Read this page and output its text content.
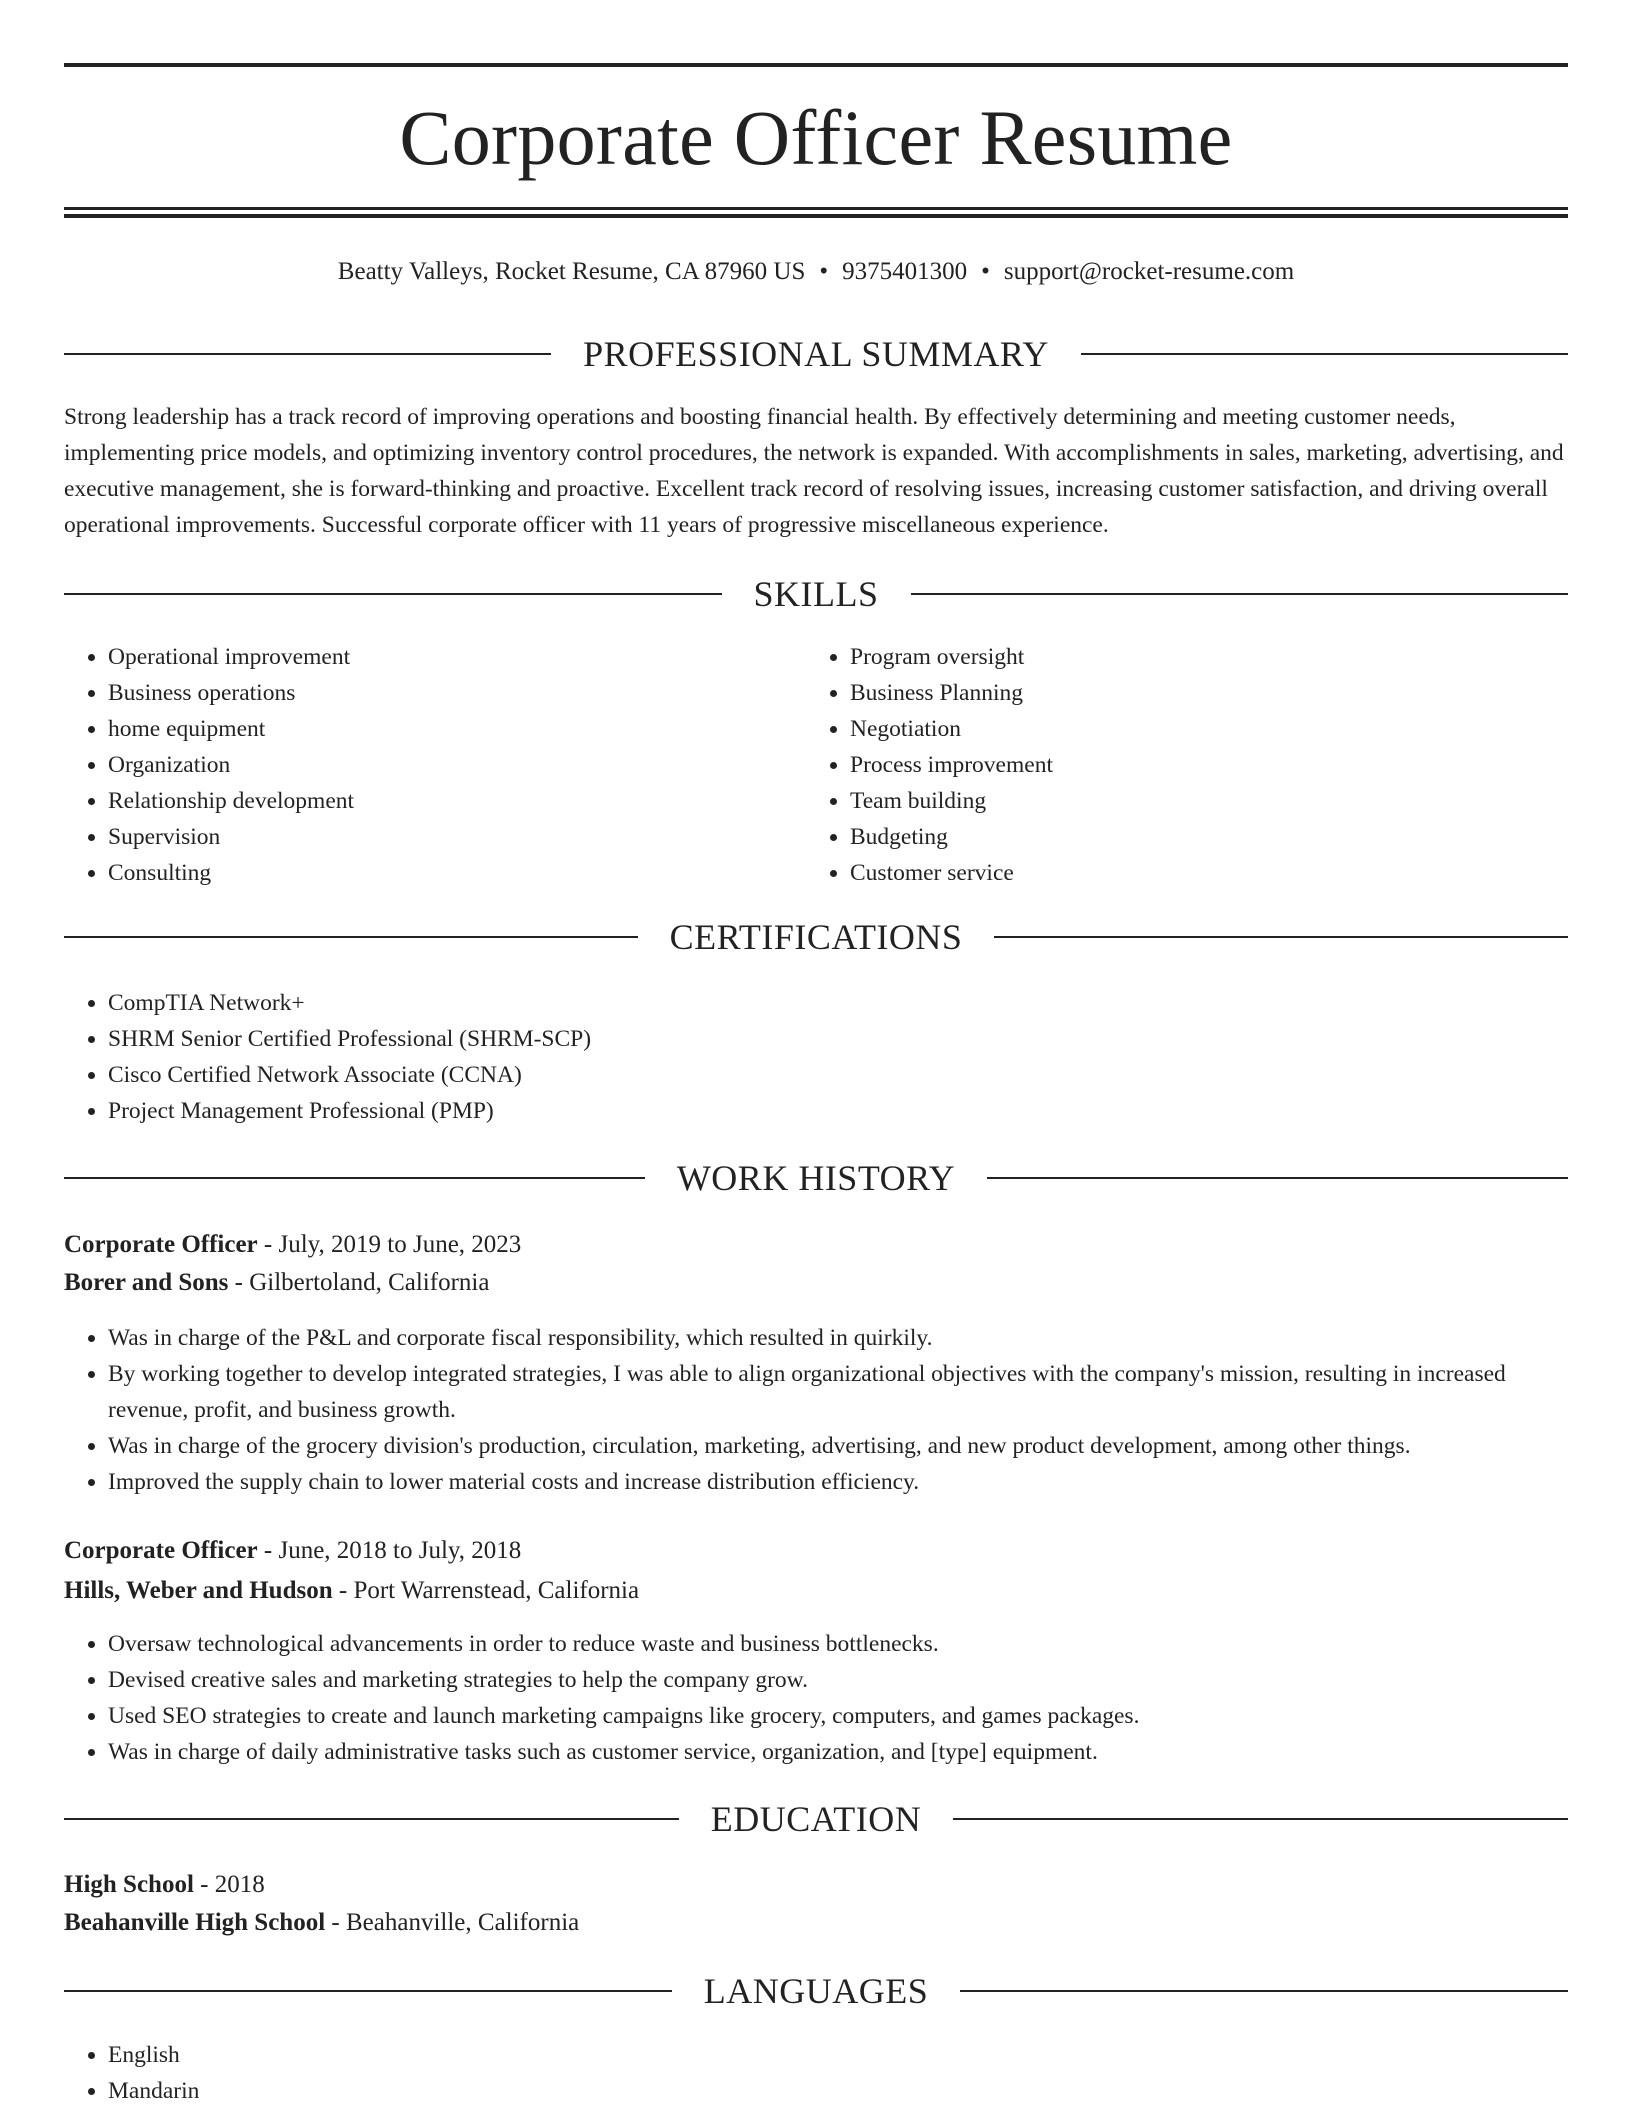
Corporate Officer Resume
Beatty Valleys, Rocket Resume, CA 87960 US • 9375401300 • support@rocket-resume.com
PROFESSIONAL SUMMARY

Strong leadership has a track record of improving operations and boosting financial health. By effectively determining and meeting customer needs, implementing price models, and optimizing inventory control procedures, the network is expanded. With accomplishments in sales, marketing, advertising, and executive management, she is forward-thinking and proactive. Excellent track record of resolving issues, increasing customer satisfaction, and driving overall operational improvements. Successful corporate officer with 11 years of progressive miscellaneous experience.

SKILLS
• Operational improvement
• Business operations
• home equipment
• Organization
• Relationship development
• Supervision
• Consulting
• Program oversight
• Business Planning
• Negotiation
• Process improvement
• Team building
• Budgeting
• Customer service
CERTIFICATIONS
• CompTIA Network+
• SHRM Senior Certified Professional (SHRM-SCP)
• Cisco Certified Network Associate (CCNA)
• Project Management Professional (PMP)
WORK HISTORY
Corporate Officer - July, 2019 to June, 2023
Borer and Sons - Gilbertoland, California
• Was in charge of the P&L and corporate fiscal responsibility, which resulted in quirkily.
• By working together to develop integrated strategies, I was able to align organizational objectives with the company's mission, resulting in increased revenue, profit, and business growth.
• Was in charge of the grocery division's production, circulation, marketing, advertising, and new product development, among other things.
• Improved the supply chain to lower material costs and increase distribution efficiency.
Corporate Officer - June, 2018 to July, 2018
Hills, Weber and Hudson - Port Warrenstead, California
• Oversaw technological advancements in order to reduce waste and business bottlenecks.
• Devised creative sales and marketing strategies to help the company grow.
• Used SEO strategies to create and launch marketing campaigns like grocery, computers, and games packages.
• Was in charge of daily administrative tasks such as customer service, organization, and [type] equipment.
EDUCATION
High School - 2018
Beahanville High School - Beahanville, California
LANGUAGES
• English
• Mandarin
